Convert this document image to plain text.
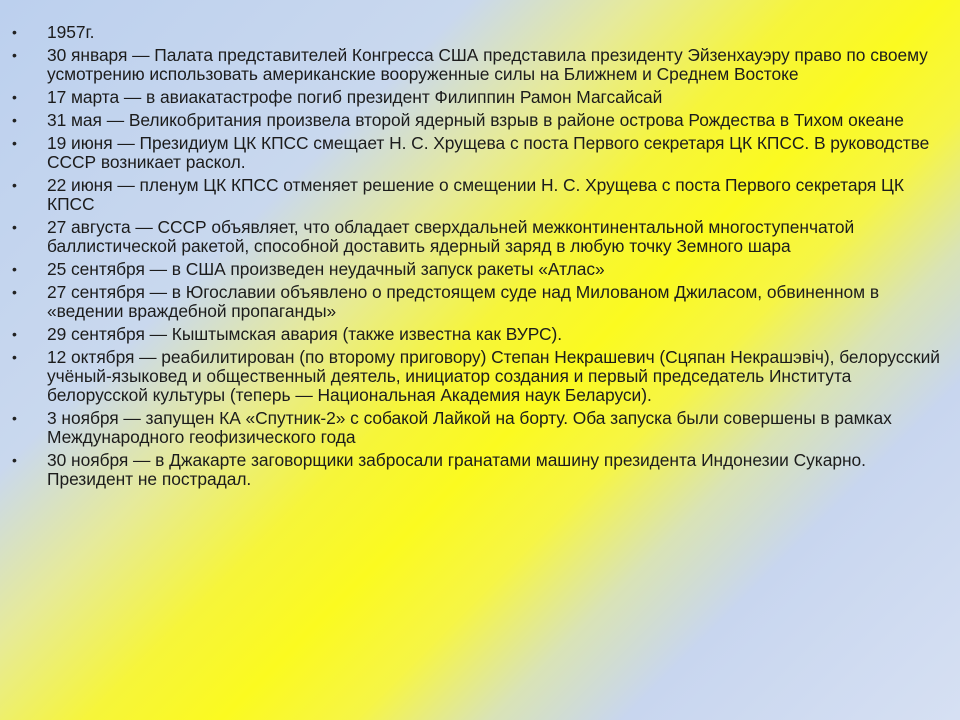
• 1957г.
• 30 января — Палата представителей Конгресса США представила президенту Эйзенхауэру право по своему усмотрению использовать американские вооруженные силы на Ближнем и Среднем Востоке
• 17 марта — в авиакатастрофе погиб президент Филиппин Рамон Магсайсай
• 31 мая — Великобритания произвела второй ядерный взрыв в районе острова Рождества в Тихом океане
• 19 июня — Президиум ЦК КПСС смещает Н. С. Хрущева с поста Первого секретаря ЦК КПСС. В руководстве СССР возникает раскол.
• 22 июня — пленум ЦК КПСС отменяет решение о смещении Н. С. Хрущева с поста Первого секретаря ЦК КПСС
• 27 августа — СССР объявляет, что обладает сверхдальней межконтинентальной многоступенчатой баллистической ракетой, способной доставить ядерный заряд в любую точку Земного шара
• 25 сентября — в США произведен неудачный запуск ракеты «Атлас»
• 27 сентября — в Югославии объявлено о предстоящем суде над Милованом Джиласом, обвиненном в «ведении враждебной пропаганды»
• 29 сентября — Кыштымская авария (также известна как ВУРС).
• 12 октября — реабилитирован (по второму приговору) Степан Некрашевич (Сцяпан Некрашэвіч), белорусский учёный-языковед и общественный деятель, инициатор создания и первый председатель Института белорусской культуры (теперь — Национальная Академия наук Беларуси).
• 3 ноября — запущен КА «Спутник-2» с собакой Лайкой на борту. Оба запуска были совершены в рамках Международного геофизического года
• 30 ноября — в Джакарте заговорщики забросали гранатами машину президента Индонезии Сукарно. Президент не пострадал.
